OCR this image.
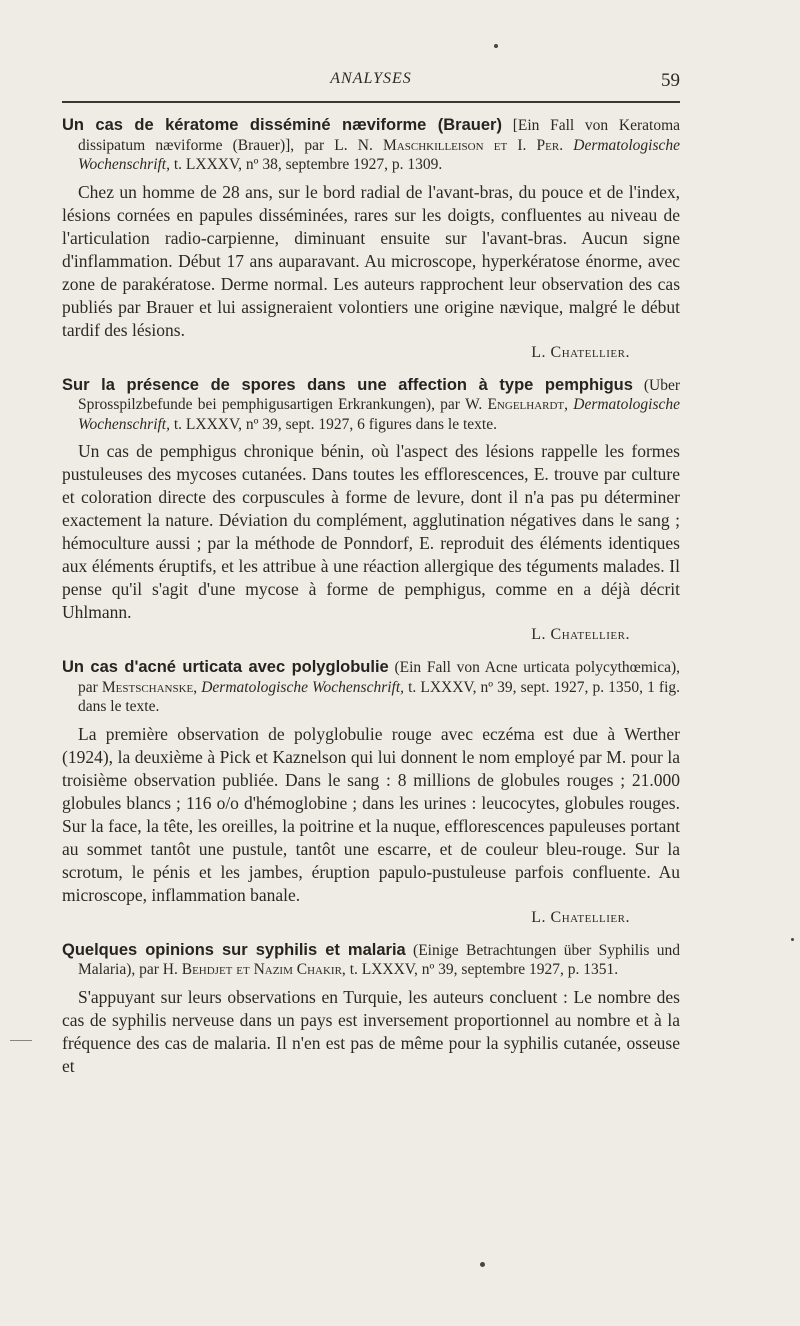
ANALYSES	59

Un cas de kératome disséminé næviforme (Brauer) [Ein Fall von Keratoma dissipatum næviforme (Brauer)], par L. N. Maschkilleison et I. Per. Dermatologische Wochenschrift, t. LXXXV, nº 38, septembre 1927, p. 1309.

Chez un homme de 28 ans, sur le bord radial de l'avant-bras, du pouce et de l'index, lésions cornées en papules disséminées, rares sur les doigts, confluentes au niveau de l'articulation radio-carpienne, diminuant ensuite sur l'avant-bras. Aucun signe d'inflammation. Début 17 ans auparavant. Au microscope, hyperkératose énorme, avec zone de parakératose. Derme normal. Les auteurs rapprochent leur observation des cas publiés par Brauer et lui assigneraient volontiers une origine nævique, malgré le début tardif des lésions.

L. Chatellier.

Sur la présence de spores dans une affection à type pemphigus (Uber Sprosspilzbefunde bei pemphigusartigen Erkrankungen), par W. Engelhardt, Dermatologische Wochenschrift, t. LXXXV, nº 39, sept. 1927, 6 figures dans le texte.

Un cas de pemphigus chronique bénin, où l'aspect des lésions rappelle les formes pustuleuses des mycoses cutanées. Dans toutes les efflorescences, E. trouve par culture et coloration directe des corpuscules à forme de levure, dont il n'a pas pu déterminer exactement la nature. Déviation du complément, agglutination négatives dans le sang ; hémoculture aussi ; par la méthode de Ponndorf, E. reproduit des éléments identiques aux éléments éruptifs, et les attribue à une réaction allergique des téguments malades. Il pense qu'il s'agit d'une mycose à forme de pemphigus, comme en a déjà décrit Uhlmann.

L. Chatellier.

Un cas d'acné urticata avec polyglobulie (Ein Fall von Acne urticata polycythœmica), par Mestschanske, Dermatologische Wochenschrift, t. LXXXV, nº 39, sept. 1927, p. 1350, 1 fig. dans le texte.

La première observation de polyglobulie rouge avec eczéma est due à Werther (1924), la deuxième à Pick et Kaznelson qui lui donnent le nom employé par M. pour la troisième observation publiée. Dans le sang : 8 millions de globules rouges ; 21.000 globules blancs ; 116 o/o d'hémoglobine ; dans les urines : leucocytes, globules rouges. Sur la face, la tête, les oreilles, la poitrine et la nuque, efflorescences papuleuses portant au sommet tantôt une pustule, tantôt une escarre, et de couleur bleu-rouge. Sur la scrotum, le pénis et les jambes, éruption papulo-pustuleuse parfois confluente. Au microscope, inflammation banale.

L. Chatellier.

Quelques opinions sur syphilis et malaria (Einige Betrachtungen über Syphilis und Malaria), par H. Behdjet et Nazim Chakir, t. LXXXV, nº 39, septembre 1927, p. 1351.

S'appuyant sur leurs observations en Turquie, les auteurs concluent : Le nombre des cas de syphilis nerveuse dans un pays est inversement proportionnel au nombre et à la fréquence des cas de malaria. Il n'en est pas de même pour la syphilis cutanée, osseuse et
